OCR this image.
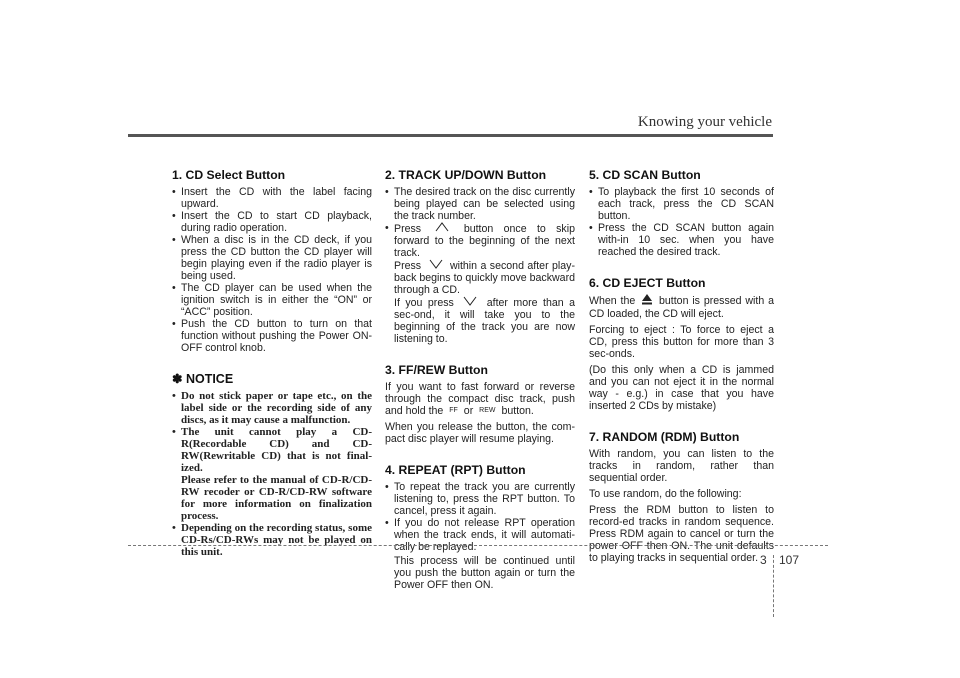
Knowing your vehicle
1. CD Select Button
• Insert the CD with the label facing upward.
• Insert the CD to start CD playback, during radio operation.
• When a disc is in the CD deck, if you press the CD button the CD player will begin playing even if the radio player is being used.
• The CD player can be used when the ignition switch is in either the “ON” or “ACC” position.
• Push the CD button to turn on that function without pushing the Power ON-OFF control knob.
✽ NOTICE
• Do not stick paper or tape etc., on the label side or the recording side of any discs, as it may cause a malfunction.
• The unit cannot play a CD-R(Recordable CD) and CD-RW(Rewritable CD) that is not final-ized.
Please refer to the manual of CD-R/CD-RW recoder or CD-R/CD-RW software for more information on finalization process.
• Depending on the recording status, some CD-Rs/CD-RWs may not be played on this unit.
2. TRACK UP/DOWN Button
• The desired track on the disc currently being played can be selected using the track number.
• Press	button once to skip forward to the beginning of the next track.
Press	within a second after play-back begins to quickly move backward through a CD.
If you press	after more than a sec-ond, it will take you to the beginning of the track you are now listening to.
3. FF/REW Button

If you want to fast forward or reverse through the compact disc track, push and hold the FF or REW button.

When you release the button, the com-pact disc player will resume playing.

4. REPEAT (RPT) Button
• To repeat the track you are currently listening to, press the RPT button. To cancel, press it again.
• If you do not release RPT operation when the track ends, it will automati-cally be replayed.
This process will be continued until you push the button again or turn the Power OFF then ON.
5. CD SCAN Button
• To playback the first 10 seconds of each track, press the CD SCAN button.
• Press the CD SCAN button again with-in 10 sec. when you have reached the desired track.
6. CD EJECT Button

When the button is pressed with a CD loaded, the CD will eject.

Forcing to eject : To force to eject a CD, press this button for more than 3 sec-onds.

(Do this only when a CD is jammed and you can not eject it in the normal way - e.g.) in case that you have inserted 2 CDs by mistake)

7. RANDOM (RDM) Button

With random, you can listen to the tracks in random, rather than sequential order.

To use random, do the following:

Press the RDM button to listen to record-ed tracks in random sequence. Press RDM again to cancel or turn the power OFF then ON. The unit defaults to playing tracks in sequential order. 3 107
